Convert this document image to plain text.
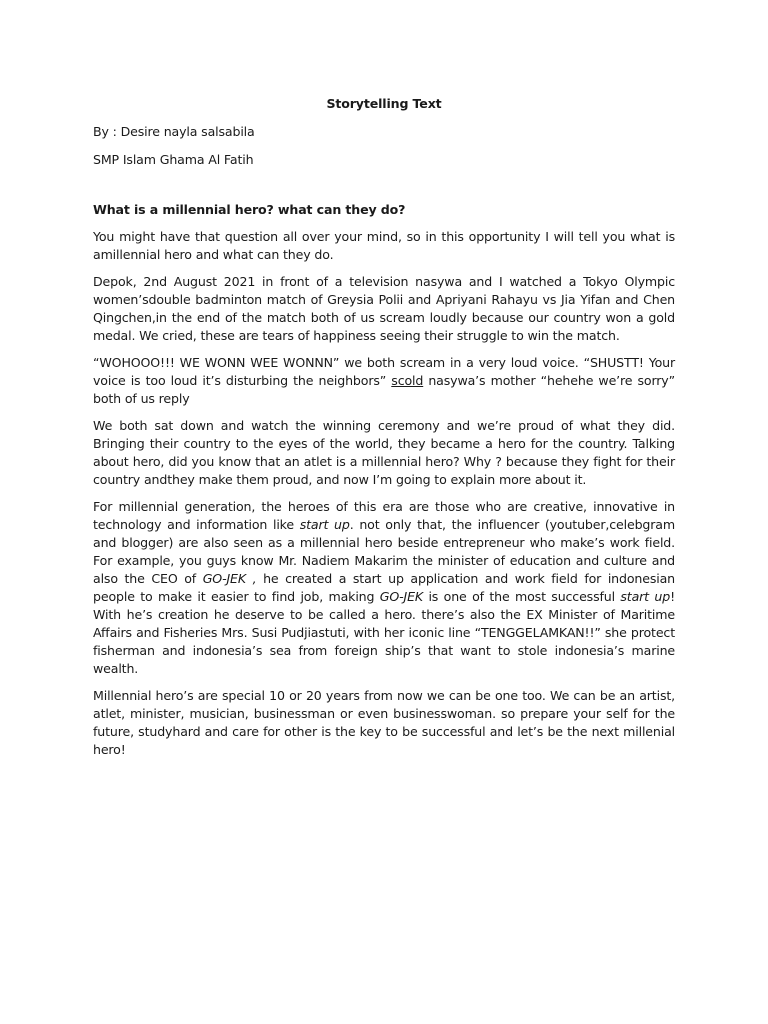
Storytelling Text
By : Desire nayla salsabila
SMP Islam Ghama Al Fatih
What is a millennial hero? what can they do?

You might have that question all over your mind, so in this opportunity I will tell you what is amillennial hero and what can they do.

Depok, 2nd August 2021 in front of a television nasywa and I watched a Tokyo Olympic women’sdouble badminton match of Greysia Polii and Apriyani Rahayu vs Jia Yifan and Chen Qingchen,in the end of the match both of us scream loudly because our country won a gold medal. We cried, these are tears of happiness seeing their struggle to win the match.

“WOHOOO!!! WE WONN WEE WONNN” we both scream in a very loud voice. “SHUSTT! Your voice is too loud it’s disturbing the neighbors” scold nasywa’s mother “hehehe we’re sorry” both of us reply

We both sat down and watch the winning ceremony and we’re proud of what they did. Bringing their country to the eyes of the world, they became a hero for the country. Talking about hero, did you know that an atlet is a millennial hero? Why ? because they fight for their country andthey make them proud, and now I’m going to explain more about it.

For millennial generation, the heroes of this era are those who are creative, innovative in technology and information like start up. not only that, the influencer (youtuber,celebgram and blogger) are also seen as a millennial hero beside entrepreneur who make’s work field. For example, you guys know Mr. Nadiem Makarim the minister of education and culture and also the CEO of GO-JEK , he created a start up application and work field for indonesian people to make it easier to find job, making GO-JEK is one of the most successful start up! With he’s creation he deserve to be called a hero. there’s also the EX Minister of Maritime Affairs and Fisheries Mrs. Susi Pudjiastuti, with her iconic line “TENGGELAMKAN!!” she protect fisherman and indonesia’s sea from foreign ship’s that want to stole indonesia’s marine wealth.

Millennial hero’s are special 10 or 20 years from now we can be one too. We can be an artist, atlet, minister, musician, businessman or even businesswoman. so prepare your self for the future, studyhard and care for other is the key to be successful and let’s be the next millenial hero!
